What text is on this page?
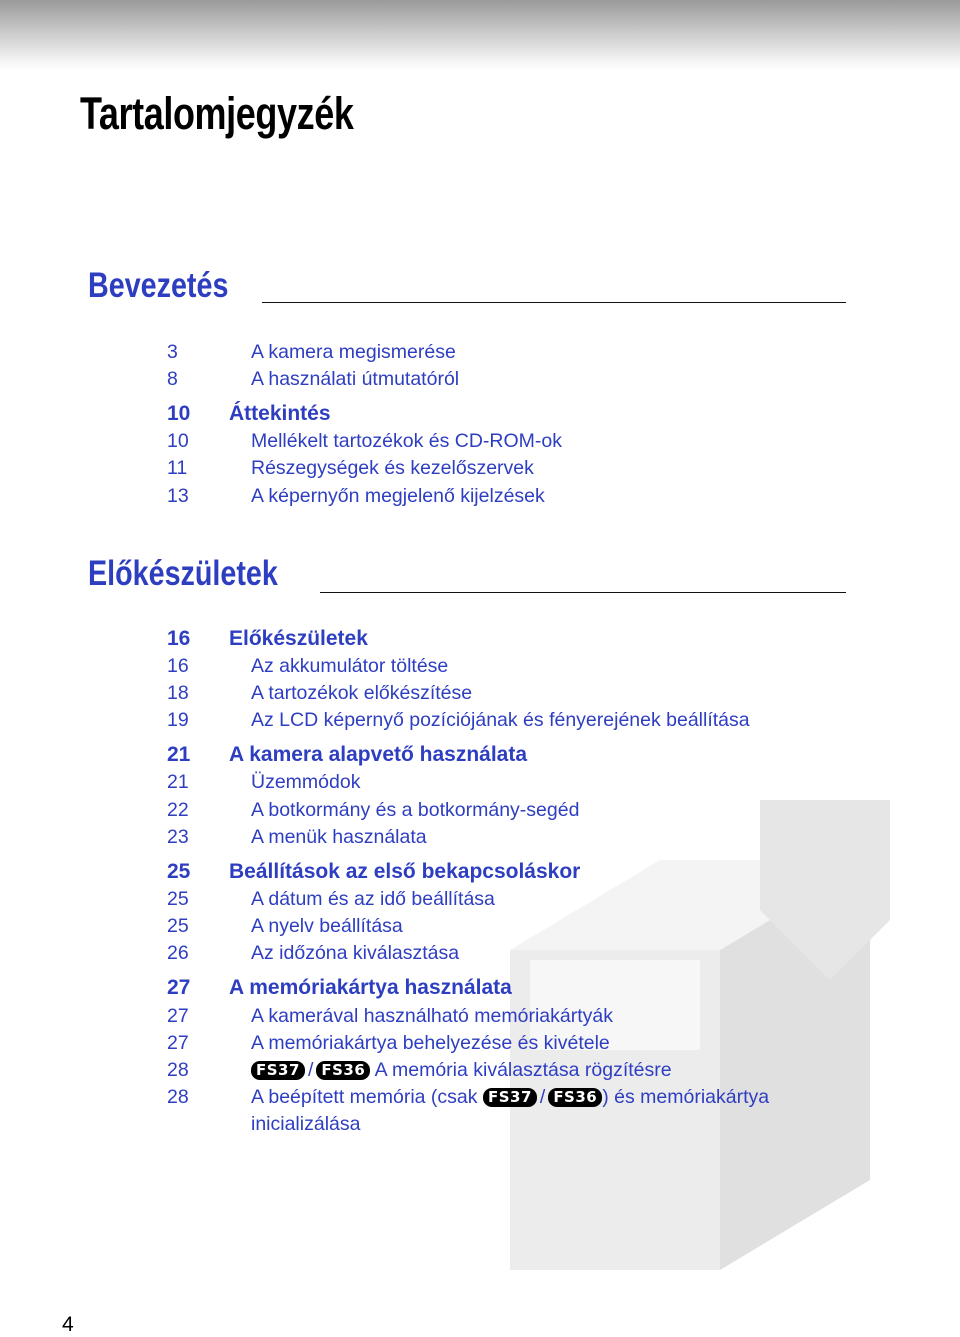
Tartalomjegyzék
Bevezetés
3	A kamera megismerése
8	A használati útmutatóról
10 Áttekintés
10	Mellékelt tartozékok és CD-ROM-ok
11	Részegységek és kezelőszervek
13	A képernyőn megjelenő kijelzések
Előkészületek
16 Előkészületek
16	Az akkumulátor töltése
18	A tartozékok előkészítése
19	Az LCD képernyő pozíciójának és fényerejének beállítása
21 A kamera alapvető használata
21	Üzemmódok
22	A botkormány és a botkormány-segéd
23	A menük használata
25 Beállítások az első bekapcsoláskor
25	A dátum és az idő beállítása
25	A nyelv beállítása
26	Az időzóna kiválasztása
27 A memóriakártya használata
27	A kamerával használható memóriakártyák
27	A memóriakártya behelyezése és kivétele
28	FS37 / FS36 A memória kiválasztása rögzítésre
28	A beépített memória (csak FS37 / FS36 ) és memóriakártya
inicializálása
4
